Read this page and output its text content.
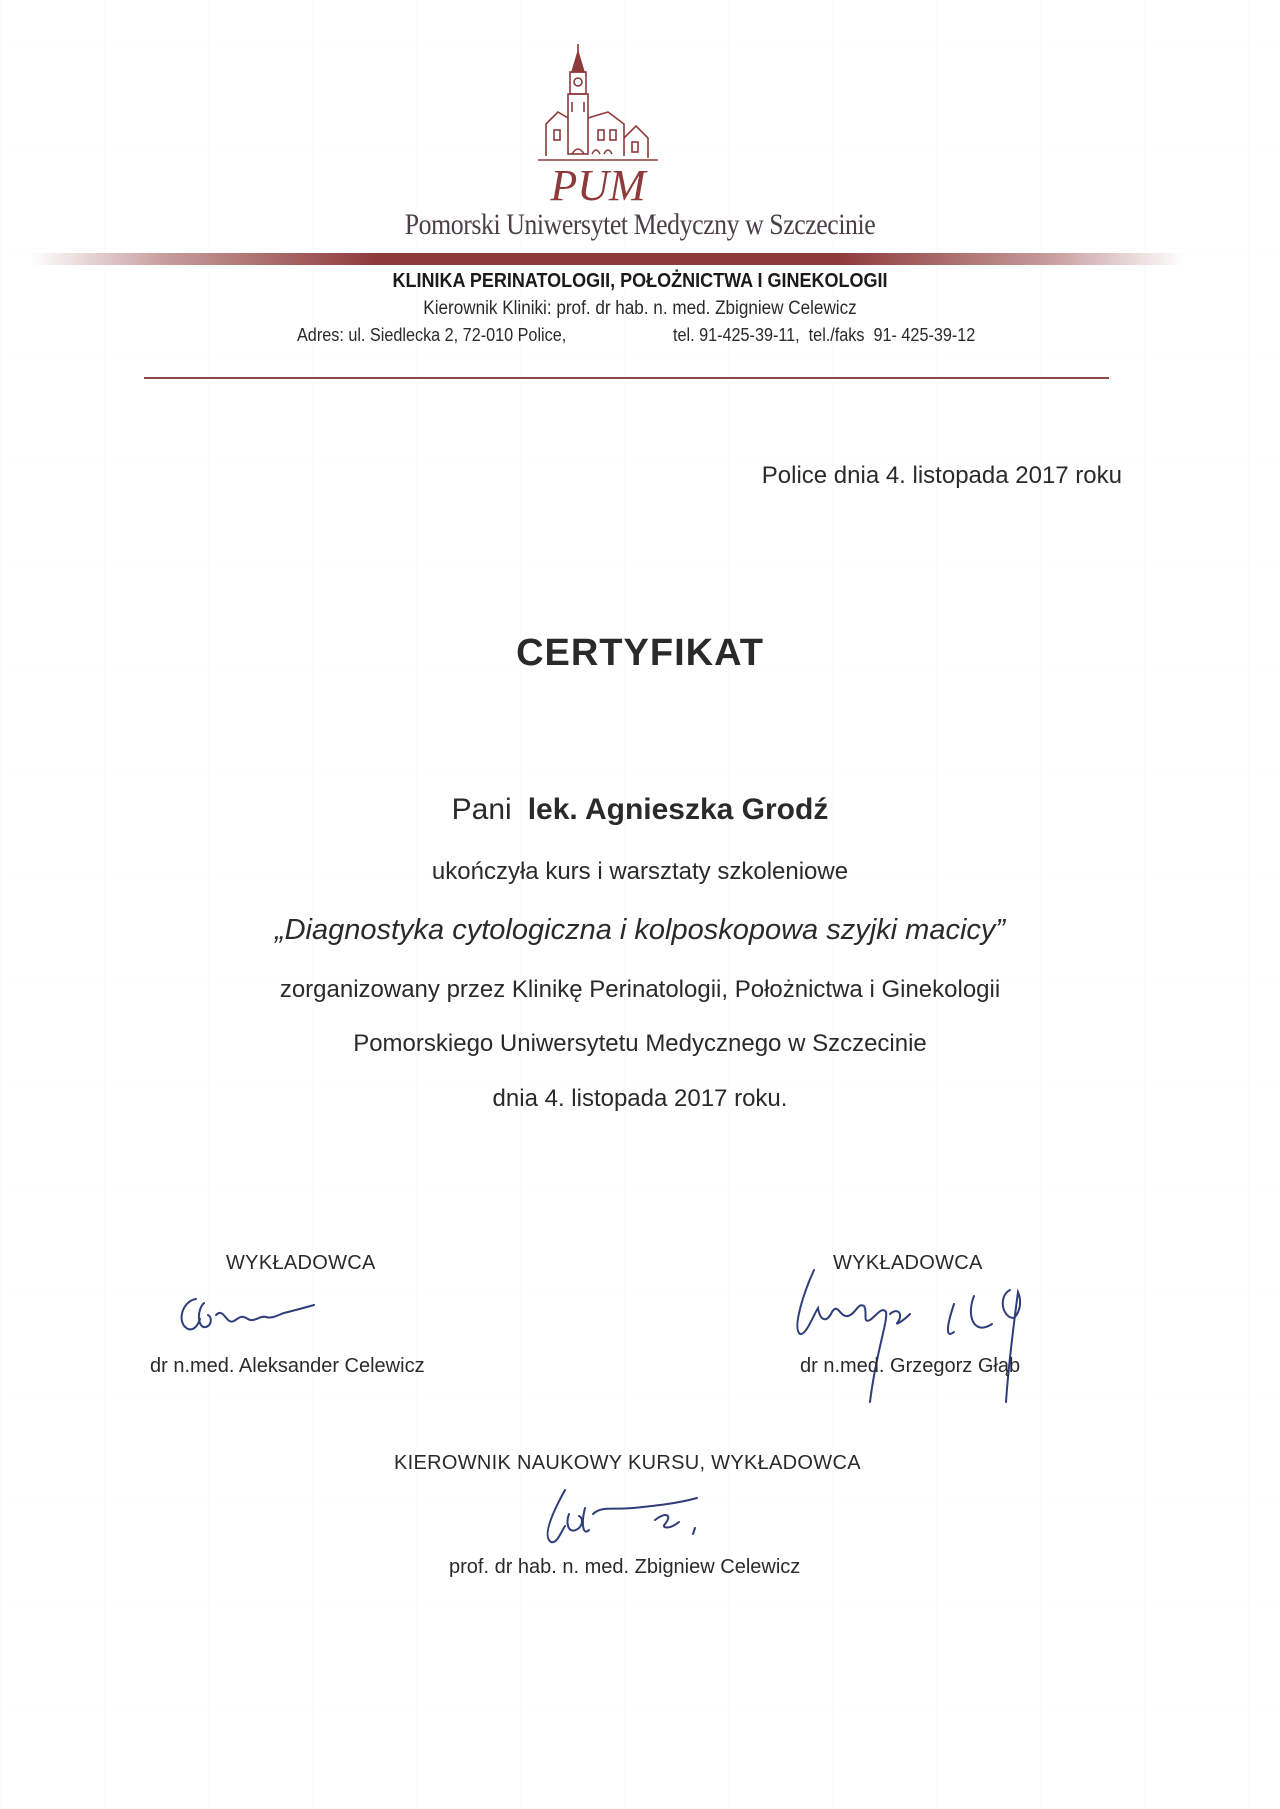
PUM
Pomorski Uniwersytet Medyczny w Szczecinie
KLINIKA PERINATOLOGII, POŁOŻNICTWA I GINEKOLOGII
Kierownik Kliniki: prof. dr hab. n. med. Zbigniew Celewicz
Adres: ul. Siedlecka 2, 72-010 Police,	tel. 91-425-39-11,  tel./faks  91- 425-39-12
Police dnia 4. listopada 2017 roku
CERTYFIKAT
Pani lek. Agnieszka Grodź
ukończyła kurs i warsztaty szkoleniowe
„Diagnostyka cytologiczna i kolposkopowa szyjki macicy”
zorganizowany przez Klinikę Perinatologii, Położnictwa i Ginekologii
Pomorskiego Uniwersytetu Medycznego w Szczecinie
dnia 4. listopada 2017 roku.
WYKŁADOWCA
dr n.med. Aleksander Celewicz
WYKŁADOWCA
dr n.med. Grzegorz Głąb
KIEROWNIK NAUKOWY KURSU, WYKŁADOWCA
prof. dr hab. n. med. Zbigniew Celewicz
